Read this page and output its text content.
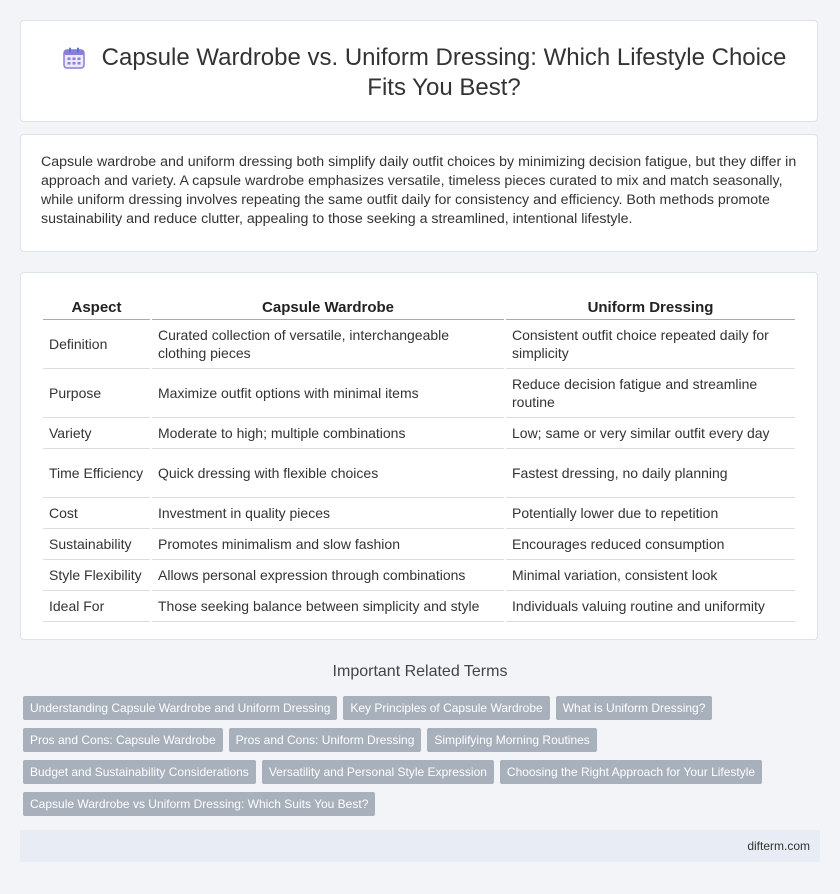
Capsule Wardrobe vs. Uniform Dressing: Which Lifestyle Choice Fits You Best?

Capsule wardrobe and uniform dressing both simplify daily outfit choices by minimizing decision fatigue, but they differ in approach and variety. A capsule wardrobe emphasizes versatile, timeless pieces curated to mix and match seasonally, while uniform dressing involves repeating the same outfit daily for consistency and efficiency. Both methods promote sustainability and reduce clutter, appealing to those seeking a streamlined, intentional lifestyle.

Aspect	Capsule Wardrobe	Uniform Dressing
Definition	Curated collection of versatile, interchangeable clothing pieces	Consistent outfit choice repeated daily for simplicity
Purpose	Maximize outfit options with minimal items	Reduce decision fatigue and streamline routine
Variety	Moderate to high; multiple combinations	Low; same or very similar outfit every day
Time Efficiency	Quick dressing with flexible choices	Fastest dressing, no daily planning
Cost	Investment in quality pieces	Potentially lower due to repetition
Sustainability	Promotes minimalism and slow fashion	Encourages reduced consumption
Style Flexibility	Allows personal expression through combinations	Minimal variation, consistent look
Ideal For	Those seeking balance between simplicity and style	Individuals valuing routine and uniformity
Important Related Terms
Understanding Capsule Wardrobe and Uniform Dressing Key Principles of Capsule Wardrobe What is Uniform Dressing?
Pros and Cons: Capsule Wardrobe Pros and Cons: Uniform Dressing Simplifying Morning Routines
Budget and Sustainability Considerations Versatility and Personal Style Expression Choosing the Right Approach for Your Lifestyle
Capsule Wardrobe vs Uniform Dressing: Which Suits You Best?
difterm.com
